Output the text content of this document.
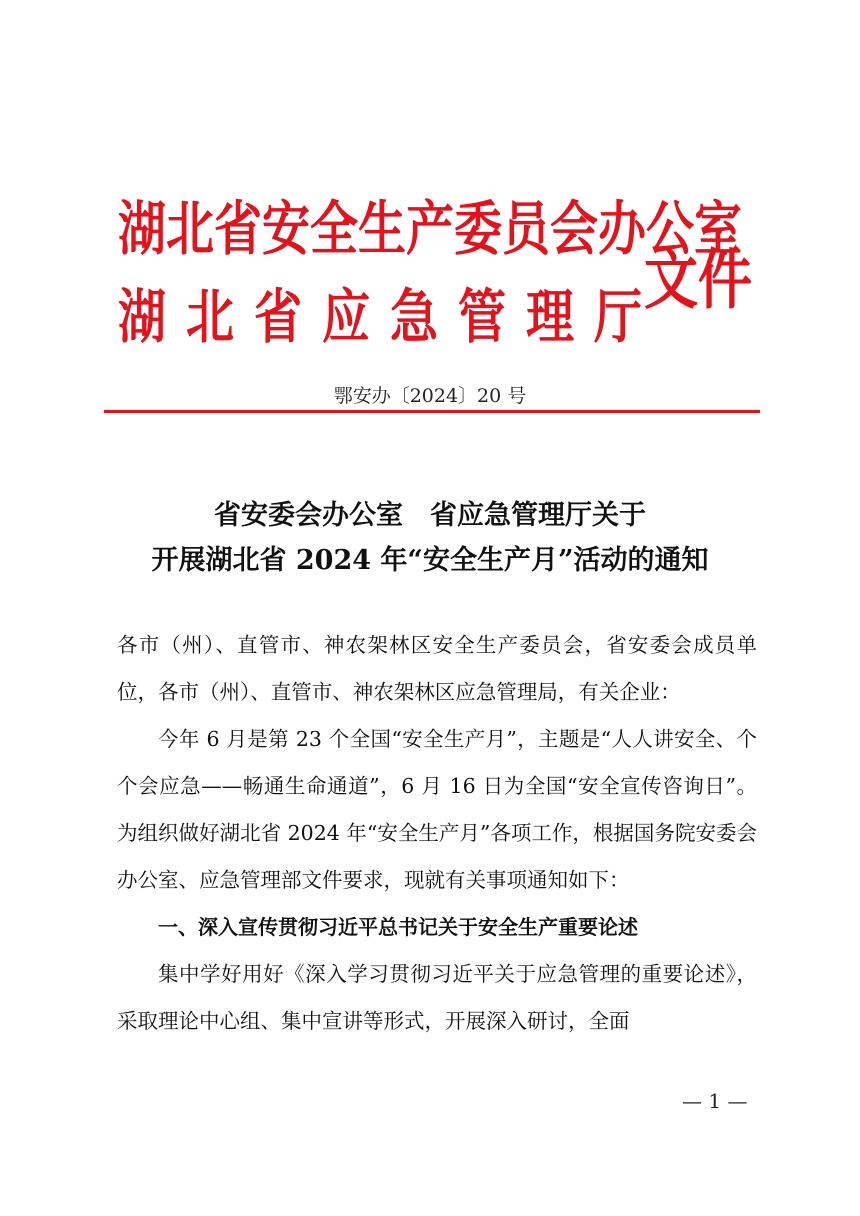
湖北省安全生产委员会办公室
湖北省应急管理厅
文件
鄂安办〔2024〕20 号
省安委会办公室　省应急管理厅关于
开展湖北省 2024 年“安全生产月”活动的通知

各市（州）、直管市、神农架林区安全生产委员会，省安委会成员单位，各市（州）、直管市、神农架林区应急管理局，有关企业：

今年 6 月是第 23 个全国“安全生产月”，主题是“人人讲安全、个个会应急——畅通生命通道”，6 月 16 日为全国“安全宣传咨询日”。为组织做好湖北省 2024 年“安全生产月”各项工作，根据国务院安委会办公室、应急管理部文件要求，现就有关事项通知如下：

一、深入宣传贯彻习近平总书记关于安全生产重要论述

集中学好用好《深入学习贯彻习近平关于应急管理的重要论述》，采取理论中心组、集中宣讲等形式，开展深入研讨，全面

— 1 —
